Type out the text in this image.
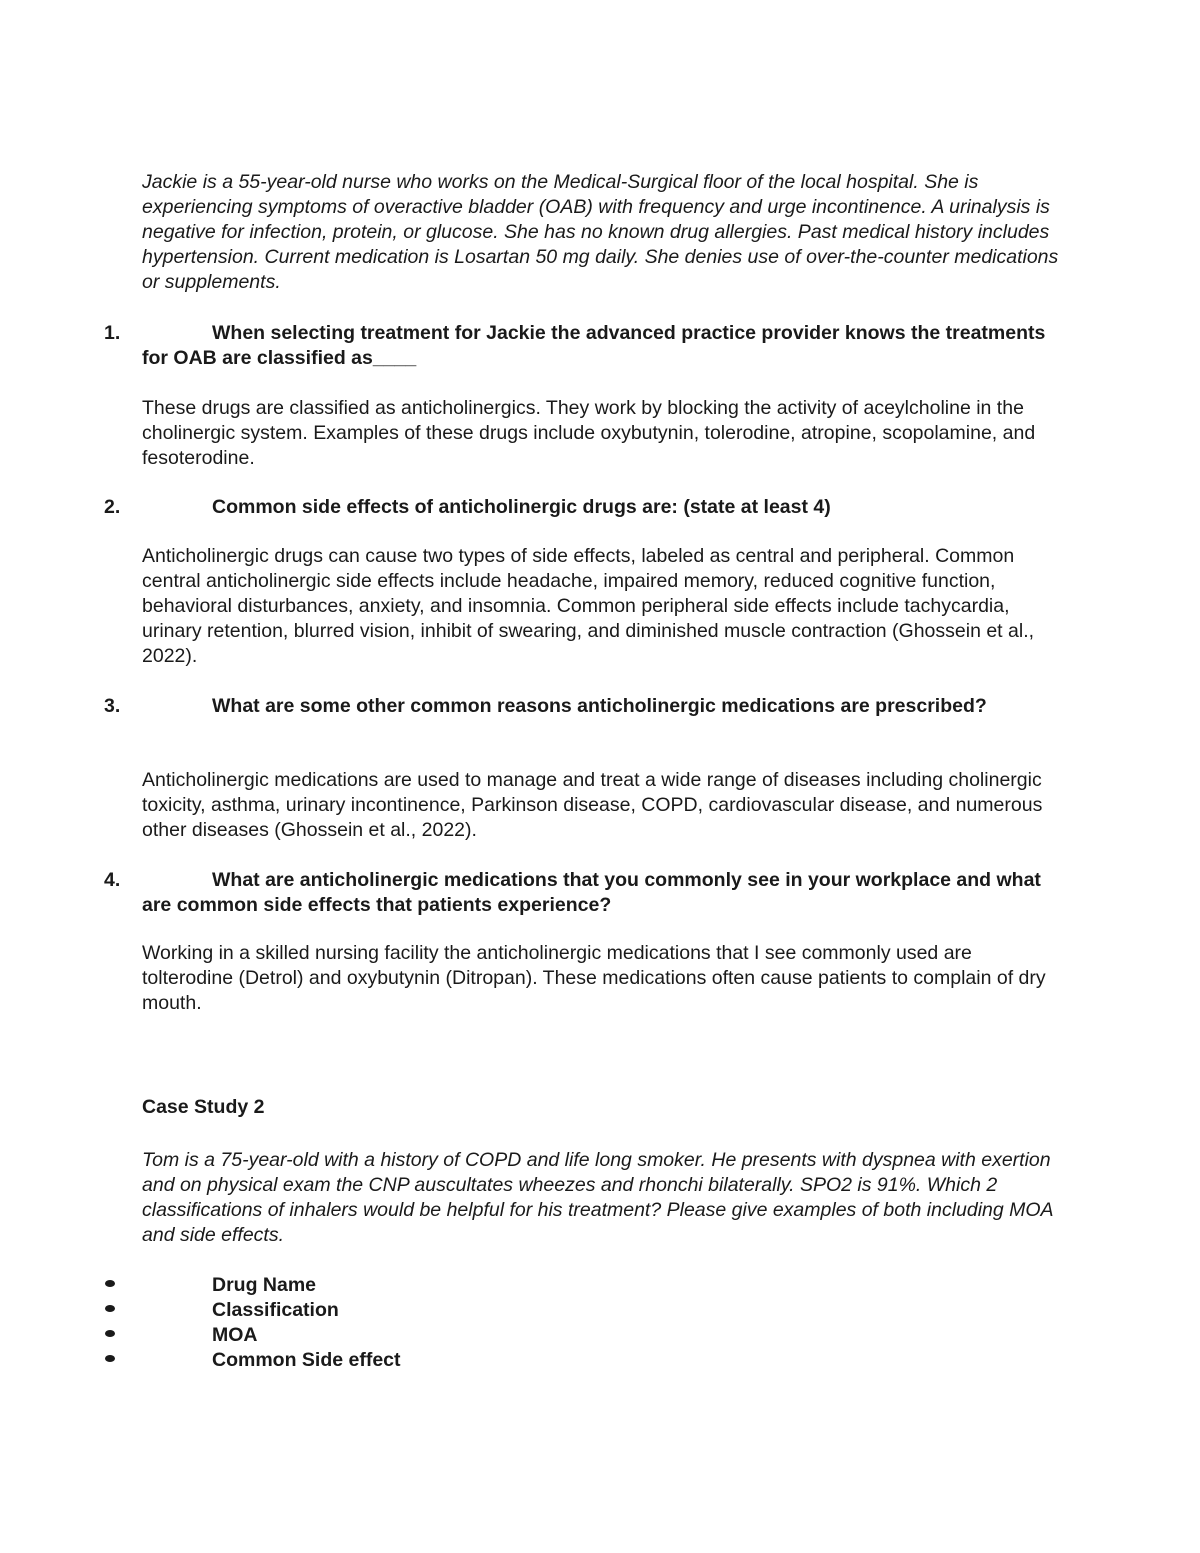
Jackie is a 55-year-old nurse who works on the Medical-Surgical floor of the local hospital. She is experiencing symptoms of overactive bladder (OAB) with frequency and urge incontinence. A urinalysis is negative for infection, protein, or glucose. She has no known drug allergies. Past medical history includes hypertension. Current medication is Losartan 50 mg daily. She denies use of over-the-counter medications or supplements.

1.	When selecting treatment for Jackie the advanced practice provider knows the treatments for OAB are classified as____

These drugs are classified as anticholinergics. They work by blocking the activity of aceylcholine in the cholinergic system. Examples of these drugs include oxybutynin, tolerodine, atropine, scopolamine, and fesoterodine.

2.	Common side effects of anticholinergic drugs are: (state at least 4)

Anticholinergic drugs can cause two types of side effects, labeled as central and peripheral. Common central anticholinergic side effects include headache, impaired memory, reduced cognitive function, behavioral disturbances, anxiety, and insomnia. Common peripheral side effects include tachycardia, urinary retention, blurred vision, inhibit of swearing, and diminished muscle contraction (Ghossein et al., 2022).

3.	What are some other common reasons anticholinergic medications are prescribed?

Anticholinergic medications are used to manage and treat a wide range of diseases including cholinergic toxicity, asthma, urinary incontinence, Parkinson disease, COPD, cardiovascular disease, and numerous other diseases (Ghossein et al., 2022).

4.	What are anticholinergic medications that you commonly see in your workplace and what are common side effects that patients experience?

Working in a skilled nursing facility the anticholinergic medications that I see commonly used are tolterodine (Detrol) and oxybutynin (Ditropan). These medications often cause patients to complain of dry mouth.

Case Study 2

Tom is a 75-year-old with a history of COPD and life long smoker. He presents with dyspnea with exertion and on physical exam the CNP auscultates wheezes and rhonchi bilaterally. SPO2 is 91%. Which 2 classifications of inhalers would be helpful for his treatment? Please give examples of both including MOA and side effects.

Drug Name
Classification
MOA
Common Side effect
